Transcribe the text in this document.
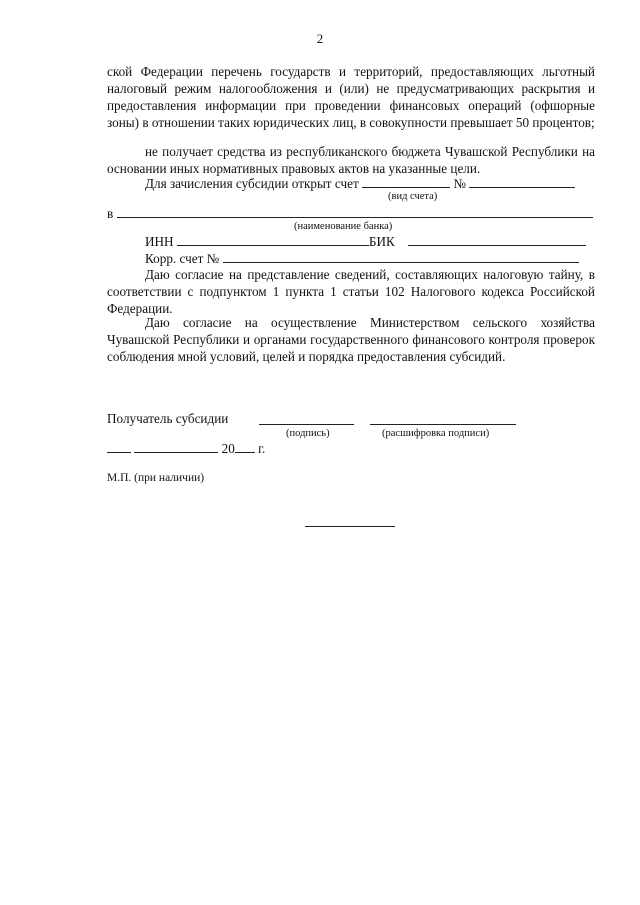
2
ской Федерации перечень государств и территорий, предоставляющих льготный налоговый режим налогообложения и (или) не предусматривающих раскрытия и предоставления информации при проведении финансовых операций (офшорные зоны) в отношении таких юридических лиц, в совокупности превышает 50 процентов;
не получает средства из республиканского бюджета Чувашской Республики на основании иных нормативных правовых актов на указанные цели.
Для зачисления субсидии открыт счет	№
(вид счета)
в
(наименование банка)
ИНН	БИК
Корр. счет №
Даю согласие на представление сведений, составляющих налоговую тайну, в соответствии с подпунктом 1 пункта 1 статьи 102 Налогового кодекса Российской Федерации.
Даю согласие на осуществление Министерством сельского хозяйства Чувашской Республики и органами государственного финансового контроля проверок соблюдения мной условий, целей и порядка предоставления субсидий.
Получатель субсидии
(подпись)	(расшифровка подписи)
20 г.
М.П. (при наличии)
